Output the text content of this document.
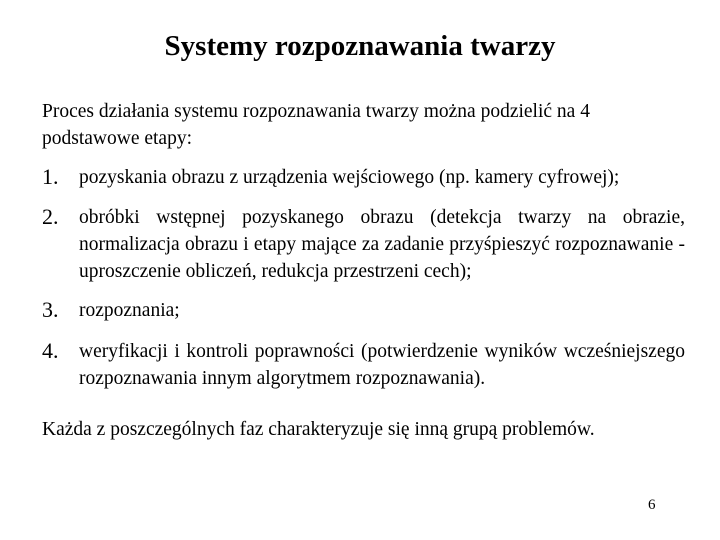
Systemy rozpoznawania twarzy
Proces działania systemu rozpoznawania twarzy można podzielić na 4
podstawowe etapy:
1. pozyskania obrazu z urządzenia wejściowego (np. kamery cyfrowej);
2. obróbki wstępnej pozyskanego obrazu (detekcja twarzy na obrazie, normalizacja obrazu i etapy mające za zadanie przyśpieszyć rozpoznawanie - uproszczenie obliczeń, redukcja przestrzeni cech);
3. rozpoznania;
4. weryfikacji i kontroli poprawności (potwierdzenie wyników wcześniejszego rozpoznawania innym algorytmem rozpoznawania).
Każda z poszczególnych faz charakteryzuje się inną grupą problemów.
6
